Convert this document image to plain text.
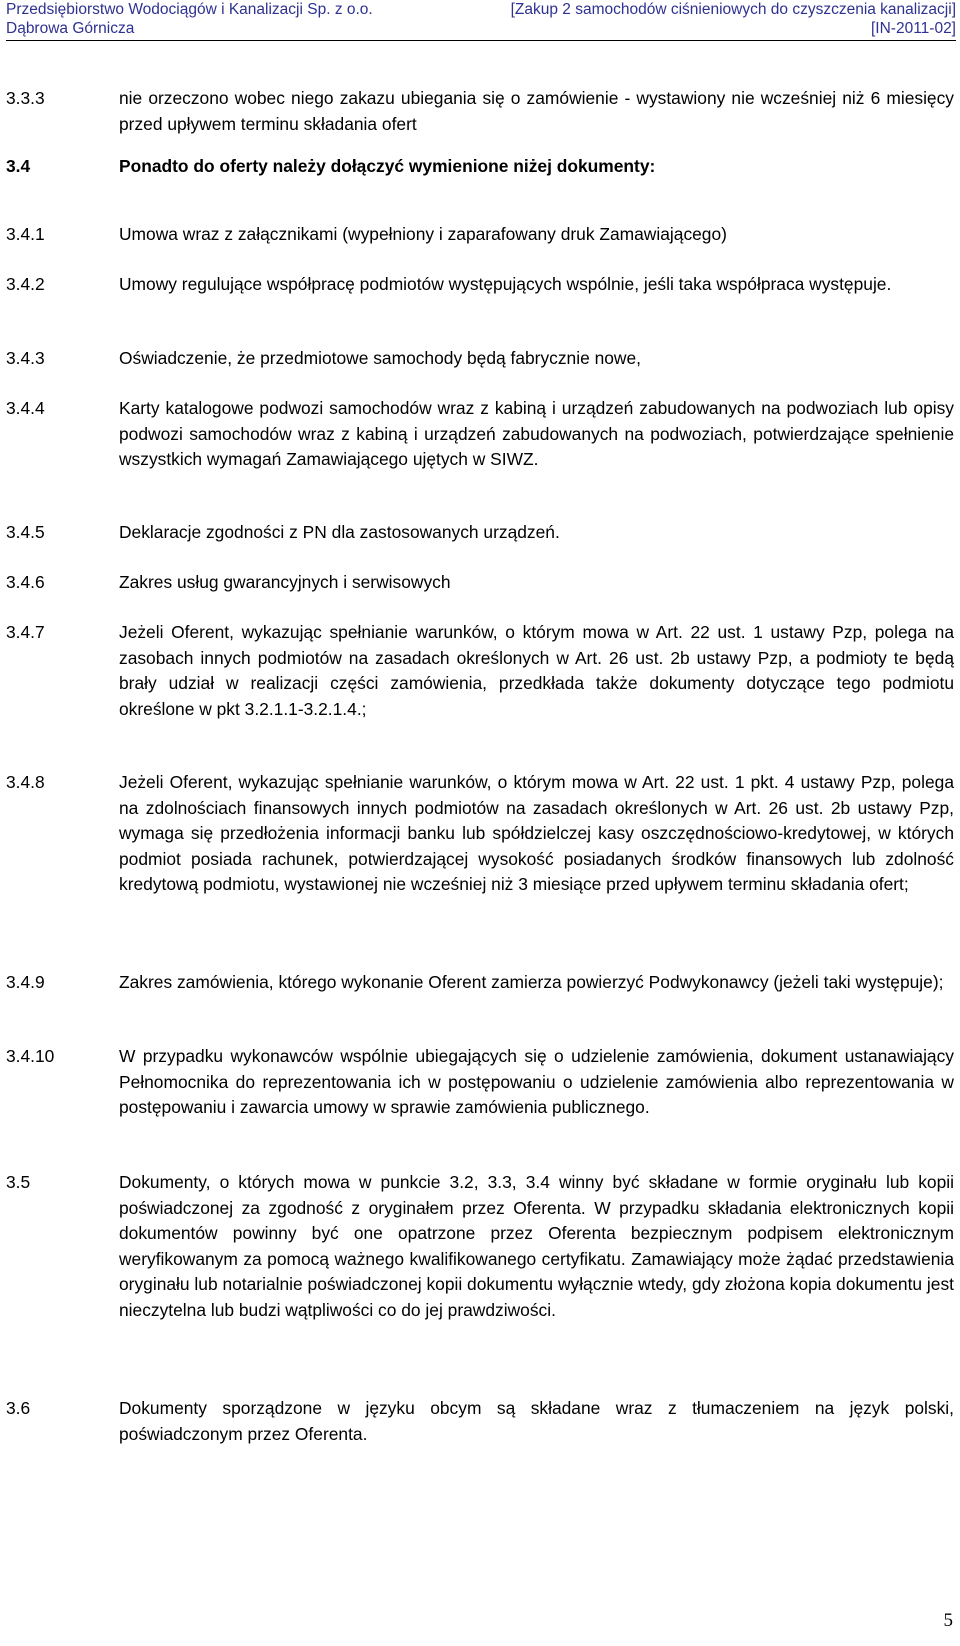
Przedsiębiorstwo Wodociągów i Kanalizacji Sp. z o.o.
Dąbrowa Górnicza
[Zakup 2 samochodów ciśnieniowych do czyszczenia kanalizacji]
[IN-2011-02]
3.3.3	nie orzeczono wobec niego zakazu ubiegania się o zamówienie - wystawiony nie wcześniej niż 6 miesięcy przed upływem terminu składania ofert
3.4	Ponadto do oferty należy dołączyć wymienione niżej dokumenty:
3.4.1	Umowa wraz z załącznikami (wypełniony i zaparafowany druk Zamawiającego)
3.4.2	Umowy regulujące współpracę podmiotów występujących wspólnie, jeśli taka współpraca występuje.
3.4.3	Oświadczenie, że przedmiotowe samochody będą fabrycznie nowe,
3.4.4	Karty katalogowe podwozi samochodów wraz z kabiną i urządzeń zabudowanych na podwoziach lub opisy podwozi samochodów wraz z kabiną i urządzeń zabudowanych na podwoziach, potwierdzające spełnienie wszystkich wymagań Zamawiającego ujętych w SIWZ.
3.4.5	Deklaracje zgodności z PN dla zastosowanych urządzeń.
3.4.6	Zakres usług gwarancyjnych i serwisowych
3.4.7	Jeżeli Oferent, wykazując spełnianie warunków, o którym mowa w Art. 22 ust. 1 ustawy Pzp, polega na zasobach innych podmiotów na zasadach określonych w Art. 26 ust. 2b ustawy Pzp, a podmioty te będą brały udział w realizacji części zamówienia, przedkłada także dokumenty dotyczące tego podmiotu określone w pkt 3.2.1.1-3.2.1.4.;
3.4.8	Jeżeli Oferent, wykazując spełnianie warunków, o którym mowa w Art. 22 ust. 1 pkt. 4 ustawy Pzp, polega na zdolnościach finansowych innych podmiotów na zasadach określonych w Art. 26 ust. 2b ustawy Pzp, wymaga się przedłożenia informacji banku lub spółdzielczej kasy oszczędnościowo-kredytowej, w których podmiot posiada rachunek, potwierdzającej wysokość posiadanych środków finansowych lub zdolność kredytową podmiotu, wystawionej nie wcześniej niż 3 miesiące przed upływem terminu składania ofert;
3.4.9	Zakres zamówienia, którego wykonanie Oferent zamierza powierzyć Podwykonawcy (jeżeli taki występuje);
3.4.10	W przypadku wykonawców wspólnie ubiegających się o udzielenie zamówienia, dokument ustanawiający Pełnomocnika do reprezentowania ich w postępowaniu o udzielenie zamówienia albo reprezentowania w postępowaniu i zawarcia umowy w sprawie zamówienia publicznego.
3.5	Dokumenty, o których mowa w punkcie 3.2, 3.3, 3.4 winny być składane w formie oryginału lub kopii poświadczonej za zgodność z oryginałem przez Oferenta. W przypadku składania elektronicznych kopii dokumentów powinny być one opatrzone przez Oferenta bezpiecznym podpisem elektronicznym weryfikowanym za pomocą ważnego kwalifikowanego certyfikatu. Zamawiający może żądać przedstawienia oryginału lub notarialnie poświadczonej kopii dokumentu wyłącznie wtedy, gdy złożona kopia dokumentu jest nieczytelna lub budzi wątpliwości co do jej prawdziwości.
3.6	Dokumenty sporządzone w języku obcym są składane wraz z tłumaczeniem na język polski, poświadczonym przez Oferenta.
5
